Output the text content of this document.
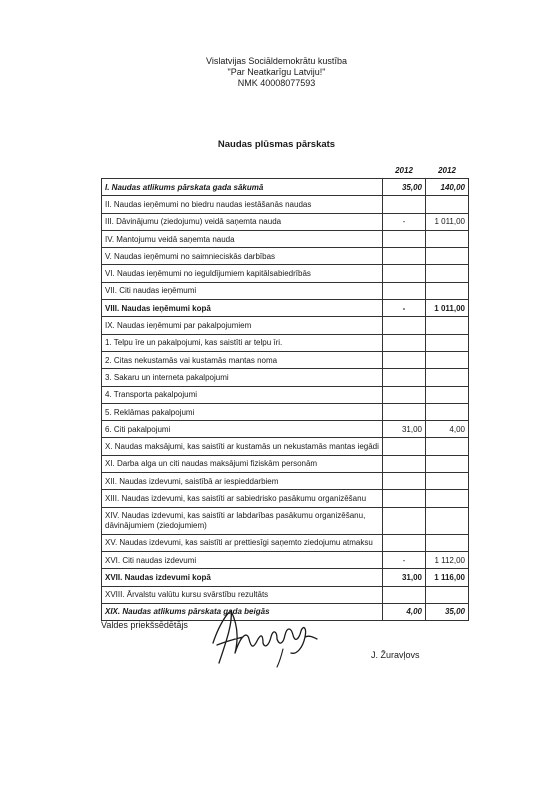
Vislatvijas Sociāldemokrātu kustība
"Par Neatkarīgu Latviju!"
NMK 40008077593
Naudas plūsmas pārskats
	2012	2012
I. Naudas atlikums pārskata gada sākumā	35,00	140,00
II. Naudas ieņēmumi no biedru naudas iestāšanās naudas		
III. Dāvinājumu (ziedojumu) veidā saņemta nauda	-	1 011,00
IV. Mantojumu veidā saņemta nauda		
V. Naudas ieņēmumi no saimnieciskās darbības		
VI. Naudas ieņēmumi no ieguldījumiem kapitālsabiedrībās		
VII. Citi naudas ieņēmumi		
VIII. Naudas ieņēmumi kopā	-	1 011,00
IX. Naudas ieņēmumi par pakalpojumiem		
1. Telpu īre un pakalpojumi, kas saistīti ar telpu īri.		
2. Citas nekustamās vai kustamās mantas noma		
3. Sakaru un interneta pakalpojumi		
4. Transporta pakalpojumi		
5. Reklāmas pakalpojumi		
6. Citi pakalpojumi	31,00	4,00
X. Naudas maksājumi, kas saistīti ar kustamās un nekustamās mantas iegādi		
XI. Darba alga un citi naudas maksājumi fiziskām personām		
XII. Naudas izdevumi, saistībā ar iespieddarbiem		
XIII. Naudas izdevumi, kas saistīti ar sabiedrisko pasākumu organizēšanu		
XIV. Naudas izdevumi, kas saistīti ar labdarības pasākumu organizēšanu, dāvinājumiem (ziedojumiem)		
XV. Naudas izdevumi, kas saistīti ar prettiesīgi saņemto ziedojumu atmaksu		
XVI. Citi naudas izdevumi	-	1 112,00
XVII. Naudas izdevumi kopā	31,00	1 116,00
XVIII. Ārvalstu valūtu kursu svārstību rezultāts		
XIX. Naudas atlikums pārskata gada beigās	4,00	35,00
Valdes priekšsēdētājs
J. Žuravļovs
